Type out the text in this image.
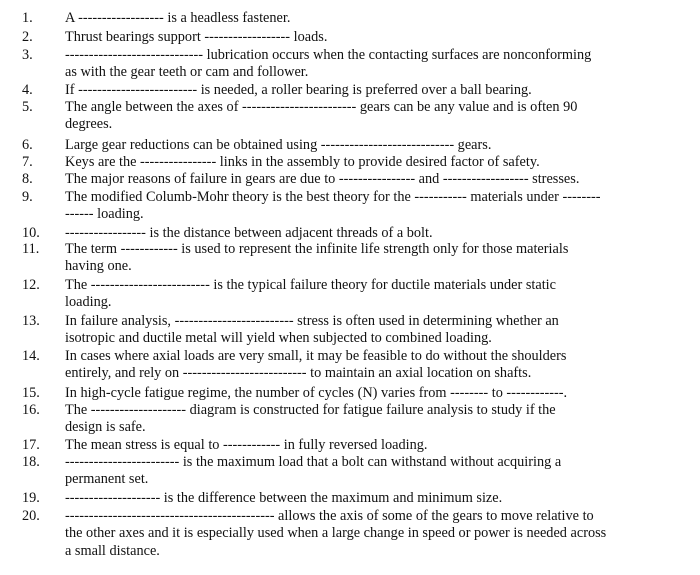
1.	A ------------------ is a headless fastener.
2.	Thrust bearings support ------------------ loads.
3.	----------------------------- lubrication occurs when the contacting surfaces are nonconforming
as with the gear teeth or cam and follower.
4.	If ------------------------- is needed, a roller bearing is preferred over a ball bearing.
5.	The angle between the axes of ------------------------ gears can be any value and is often 90
degrees.
6.	Large gear reductions can be obtained using ---------------------------- gears.
7.	Keys are the ---------------- links in the assembly to provide desired factor of safety.
8.	The major reasons of failure in gears are due to ---------------- and ------------------ stresses.
9.	The modified Columb-Mohr theory is the best theory for the ----------- materials under --------
------ loading.
10.	----------------- is the distance between adjacent threads of a bolt.
11.	The term ------------ is used to represent the infinite life strength only for those materials
having one.
12.	The ------------------------- is the typical failure theory for ductile materials under static
loading.
13.	In failure analysis, ------------------------- stress is often used in determining whether an
isotropic and ductile metal will yield when subjected to combined loading.
14.	In cases where axial loads are very small, it may be feasible to do without the shoulders
entirely, and rely on -------------------------- to maintain an axial location on shafts.
15.	In high-cycle fatigue regime, the number of cycles (N) varies from -------- to ------------.
16.	The -------------------- diagram is constructed for fatigue failure analysis to study if the
design is safe.
17.	The mean stress is equal to ------------ in fully reversed loading.
18.	------------------------ is the maximum load that a bolt can withstand without acquiring a
permanent set.
19.	-------------------- is the difference between the maximum and minimum size.
20.	-------------------------------------------- allows the axis of some of the gears to move relative to
the other axes and it is especially used when a large change in speed or power is needed across
a small distance.
